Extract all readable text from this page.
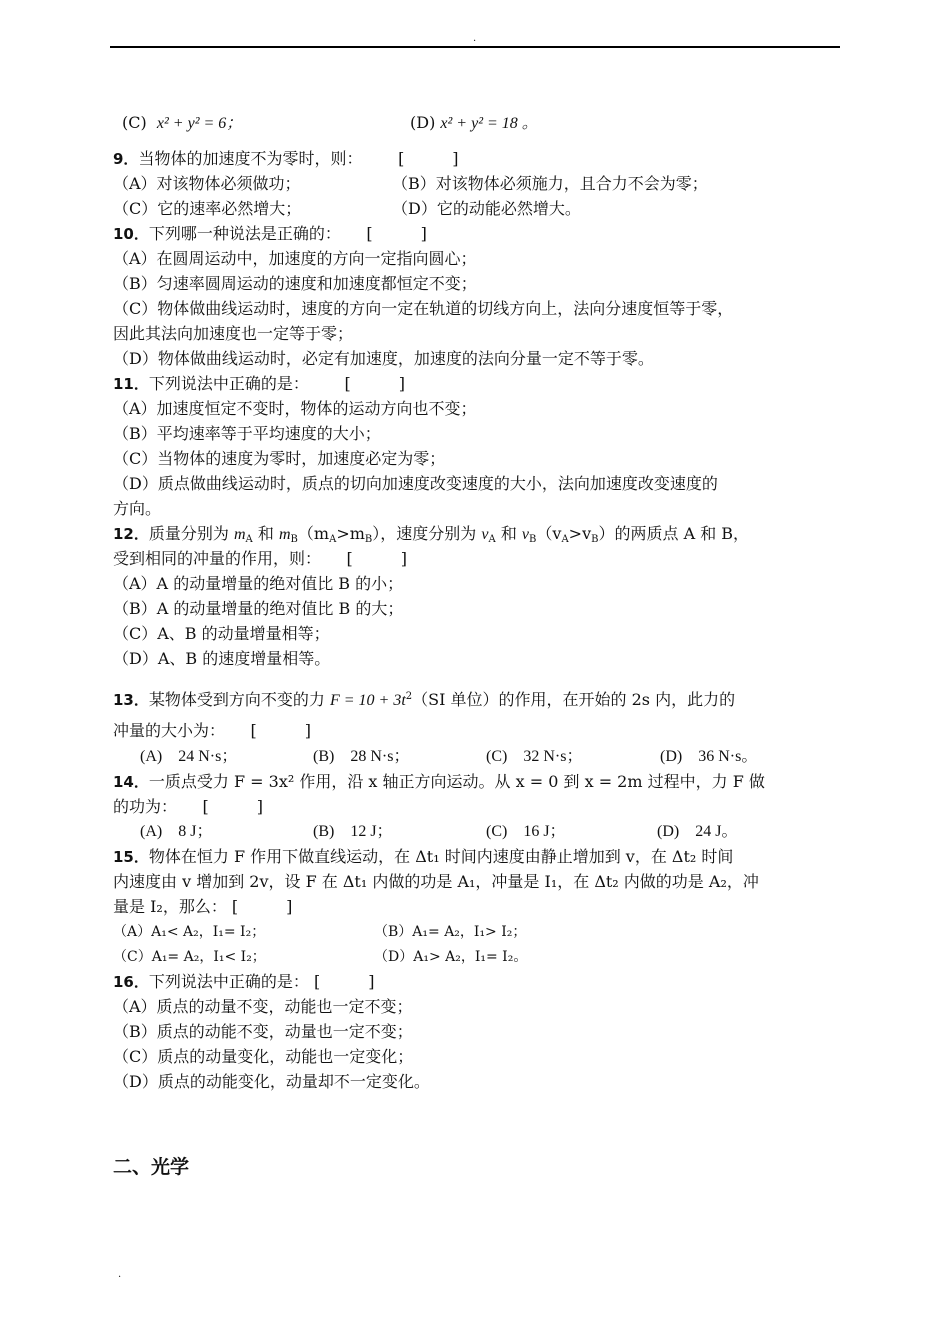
.
(C) x² + y² = 6；	(D) x² + y² = 18 。
9．当物体的加速度不为零时，则： [　　　]
（A）对该物体必须做功；	（B）对该物体必须施力，且合力不会为零；
（C）它的速率必然增大；	（D）它的动能必然增大。
10．下列哪一种说法是正确的： [　　　]
（A）在圆周运动中，加速度的方向一定指向圆心；
（B）匀速率圆周运动的速度和加速度都恒定不变；
（C）物体做曲线运动时，速度的方向一定在轨道的切线方向上，法向分速度恒等于零，
因此其法向加速度也一定等于零；
（D）物体做曲线运动时，必定有加速度，加速度的法向分量一定不等于零。
11．下列说法中正确的是： [　　　]
（A）加速度恒定不变时，物体的运动方向也不变；
（B）平均速率等于平均速度的大小；
（C）当物体的速度为零时，加速度必定为零；
（D）质点做曲线运动时，质点的切向加速度改变速度的大小，法向加速度改变速度的
方向。
12．质量分别为 $m_A$ 和 $m_B(m_A>m_B)$，速度分别为 $v_A$ 和 $v_B(v_A>v_B)$的两质点 A 和 B，
受到相同的冲量的作用，则： [　　　]
（A）A 的动量增量的绝对值比 B 的小；
（B）A 的动量增量的绝对值比 B 的大；
（C）A、B 的动量增量相等；
（D）A、B 的速度增量相等。
13．某物体受到方向不变的力 $F = 10 + 3t^2(SI$ 单位）的作用，在开始的 2s 内，此力的
冲量的大小为： [　　　]
(A)　24 N·s；	(B)　28 N·s；	(C)　32 N·s；	(D)　36 N·s。
14．一质点受力 F = 3x² 作用，沿 x 轴正方向运动。从 x = 0 到 x = 2m 过程中，力 F 做
的功为： [　　　]
(A)　8 J；	(B)　12 J；	(C)　16 J；	(D)　24 J。
15．物体在恒力 F 作用下做直线运动，在 Δt₁ 时间内速度由静止增加到 v，在 Δt₂ 时间
内速度由 v 增加到 2v，设 F 在 Δt₁ 内做的功是 A₁，冲量是 I₁，在 Δt₂ 内做的功是 A₂，冲
量是 I₂，那么： [　　　]
（A）A₁< A₂，I₁= I₂；	（B）A₁= A₂，I₁> I₂；
（C）A₁= A₂，I₁< I₂；	（D）A₁> A₂，I₁= I₂。
16．下列说法中正确的是： [　　　]
（A）质点的动量不变，动能也一定不变；
（B）质点的动能不变，动量也一定不变；
（C）质点的动量变化，动能也一定变化；
（D）质点的动能变化，动量却不一定变化。
二、光学
.
